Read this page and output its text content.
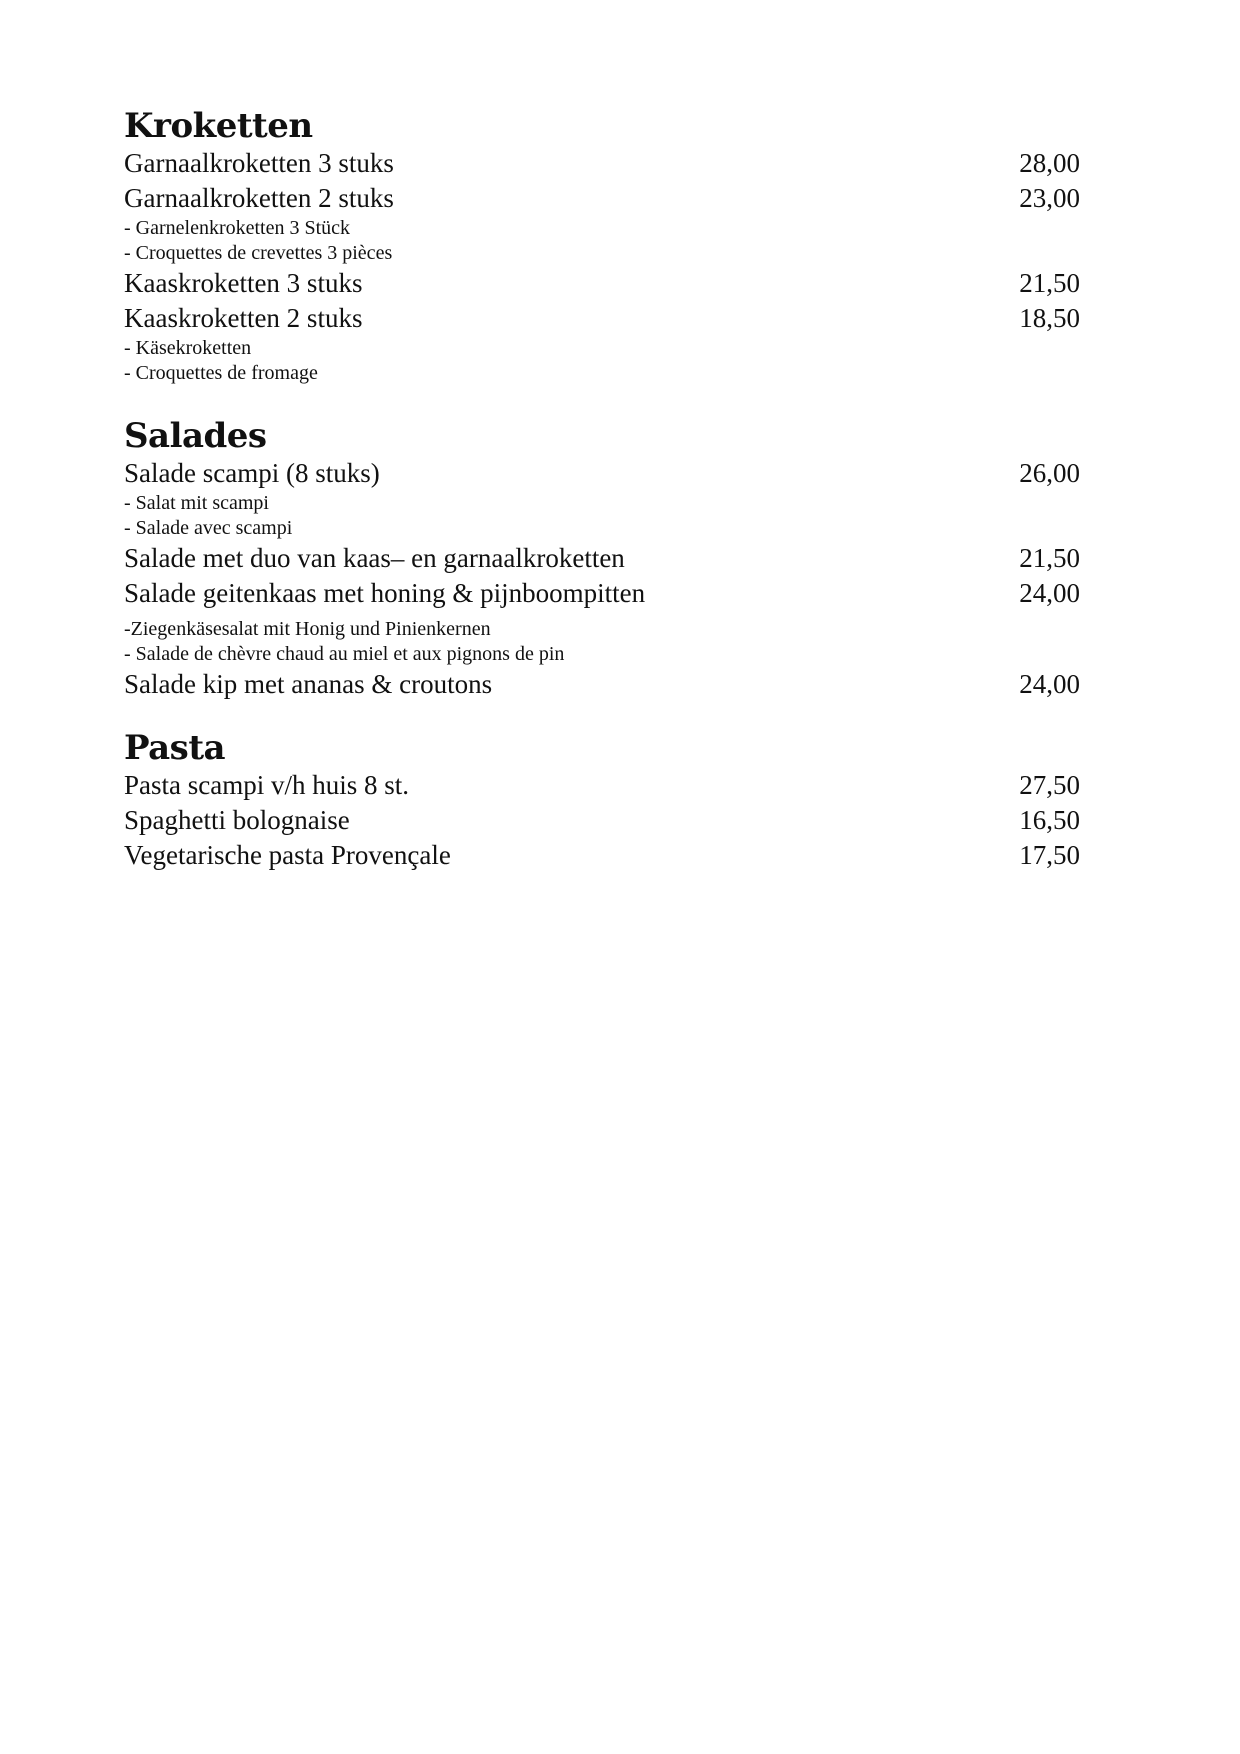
Kroketten
Garnaalkroketten 3 stuks	28,00
Garnaalkroketten 2 stuks	23,00
- Garnelenkroketten 3 Stück
- Croquettes de crevettes 3 pièces
Kaaskroketten 3 stuks	21,50
Kaaskroketten 2 stuks	18,50
- Käsekroketten
- Croquettes de fromage
Salades
Salade scampi (8 stuks)	26,00
- Salat mit scampi
- Salade avec scampi
Salade met duo van kaas– en garnaalkroketten	21,50
Salade geitenkaas met honing & pijnboompitten	24,00
-Ziegenkäsesalat mit Honig und Pinienkernen
- Salade de chèvre chaud au miel et aux pignons de pin
Salade kip met ananas & croutons	24,00
Pasta
Pasta scampi v/h huis 8 st.	27,50
Spaghetti bolognaise	16,50
Vegetarische pasta Provençale	17,50
